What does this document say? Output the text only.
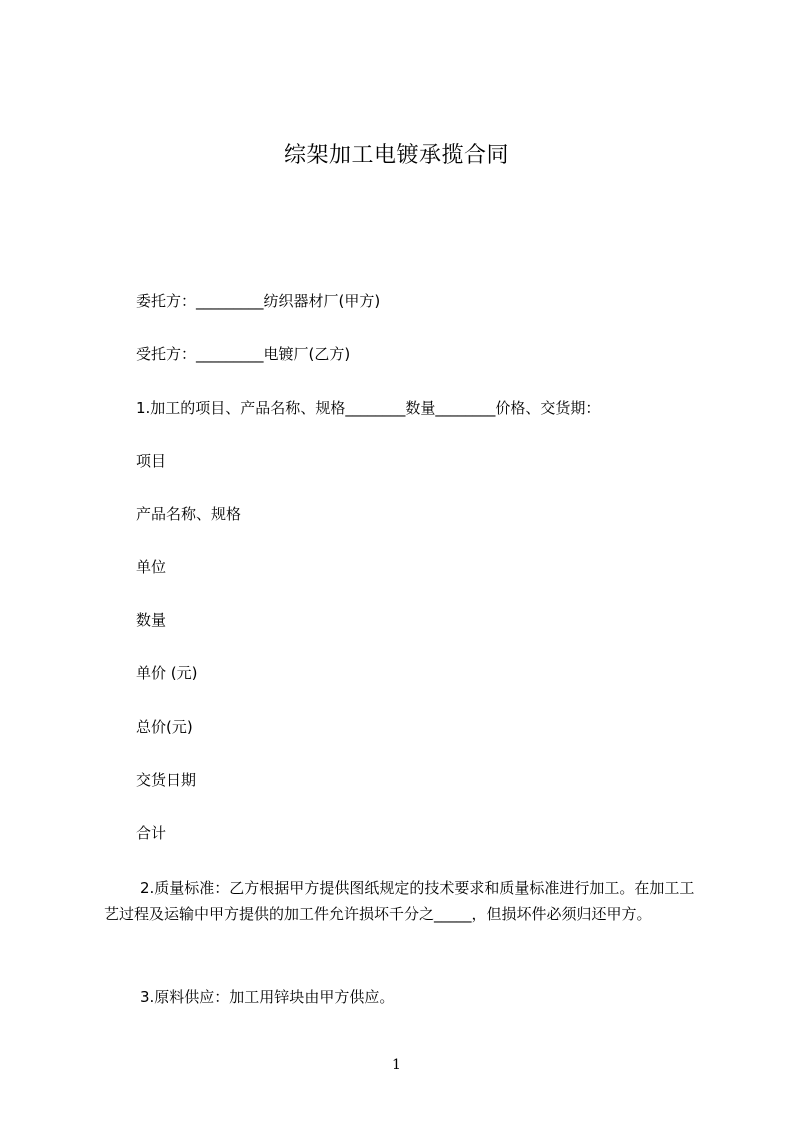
综架加工电镀承揽合同
委托方：_________纺织器材厂(甲方)
受托方：_________电镀厂(乙方)
1.加工的项目、产品名称、规格________数量________价格、交货期：
项目
产品名称、规格
单位
数量
单价 (元)
总价(元)
交货日期
合计
2.质量标准：乙方根据甲方提供图纸规定的技术要求和质量标准进行加工。在加工工艺过程及运输中甲方提供的加工件允许损坏千分之_____，但损坏件必须归还甲方。
3.原料供应：加工用锌块由甲方供应。
1
